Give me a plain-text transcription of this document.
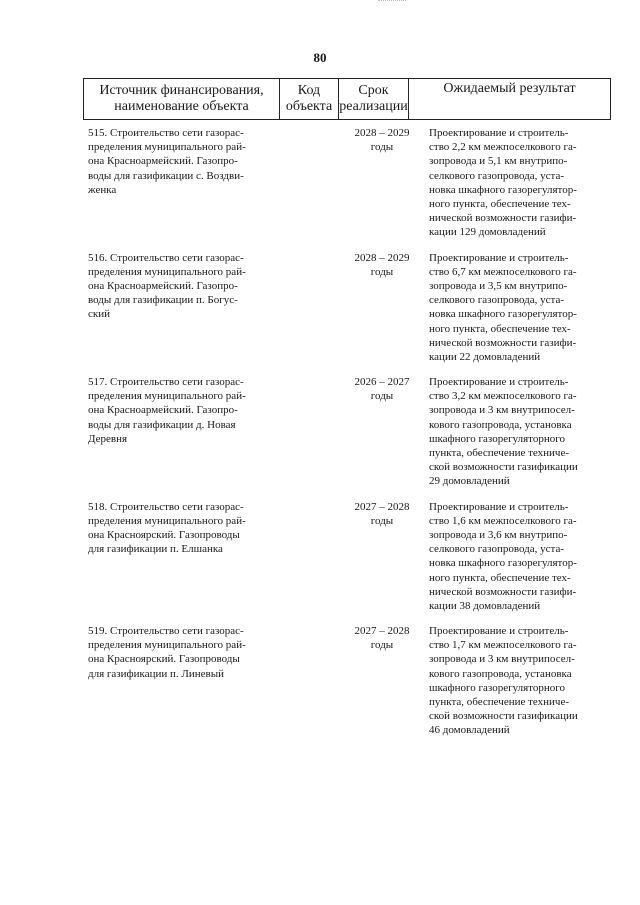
80
Источник финансирования,
наименование объекта
Код
объекта
Срок
реализации
Ожидаемый результат
515. Строительство сети газорас-
пределения муниципального рай-
она Красноармейский. Газопро-
воды для газификации с. Воздви-
женка
2028 – 2029
годы
Проектирование и строитель-
ство 2,2 км межпоселкового га-
зопровода и 5,1 км внутрипо-
селкового газопровода, уста-
новка шкафного газорегулятор-
ного пункта, обеспечение тех-
нической возможности газифи-
кации 129 домовладений
516. Строительство сети газорас-
пределения муниципального рай-
она Красноармейский. Газопро-
воды для газификации п. Богус-
ский
2028 – 2029
годы
Проектирование и строитель-
ство 6,7 км межпоселкового га-
зопровода и 3,5 км внутрипо-
селкового газопровода, уста-
новка шкафного газорегулятор-
ного пункта, обеспечение тех-
нической возможности газифи-
кации 22 домовладений
517. Строительство сети газорас-
пределения муниципального рай-
она Красноармейский. Газопро-
воды для газификации д. Новая
Деревня
2026 – 2027
годы
Проектирование и строитель-
ство 3,2 км межпоселкового га-
зопровода и 3 км внутрипосел-
кового газопровода, установка
шкафного газорегуляторного
пункта, обеспечение техниче-
ской возможности газификации
29 домовладений
518. Строительство сети газорас-
пределения муниципального рай-
она Красноярский. Газопроводы
для газификации п. Елшанка
2027 – 2028
годы
Проектирование и строитель-
ство 1,6 км межпоселкового га-
зопровода и 3,6 км внутрипо-
селкового газопровода, уста-
новка шкафного газорегулятор-
ного пункта, обеспечение тех-
нической возможности газифи-
кации 38 домовладений
519. Строительство сети газорас-
пределения муниципального рай-
она Красноярский. Газопроводы
для газификации п. Линевый
2027 – 2028
годы
Проектирование и строитель-
ство 1,7 км межпоселкового га-
зопровода и 3 км внутрипосел-
кового газопровода, установка
шкафного газорегуляторного
пункта, обеспечение техниче-
ской возможности газификации
46 домовладений
